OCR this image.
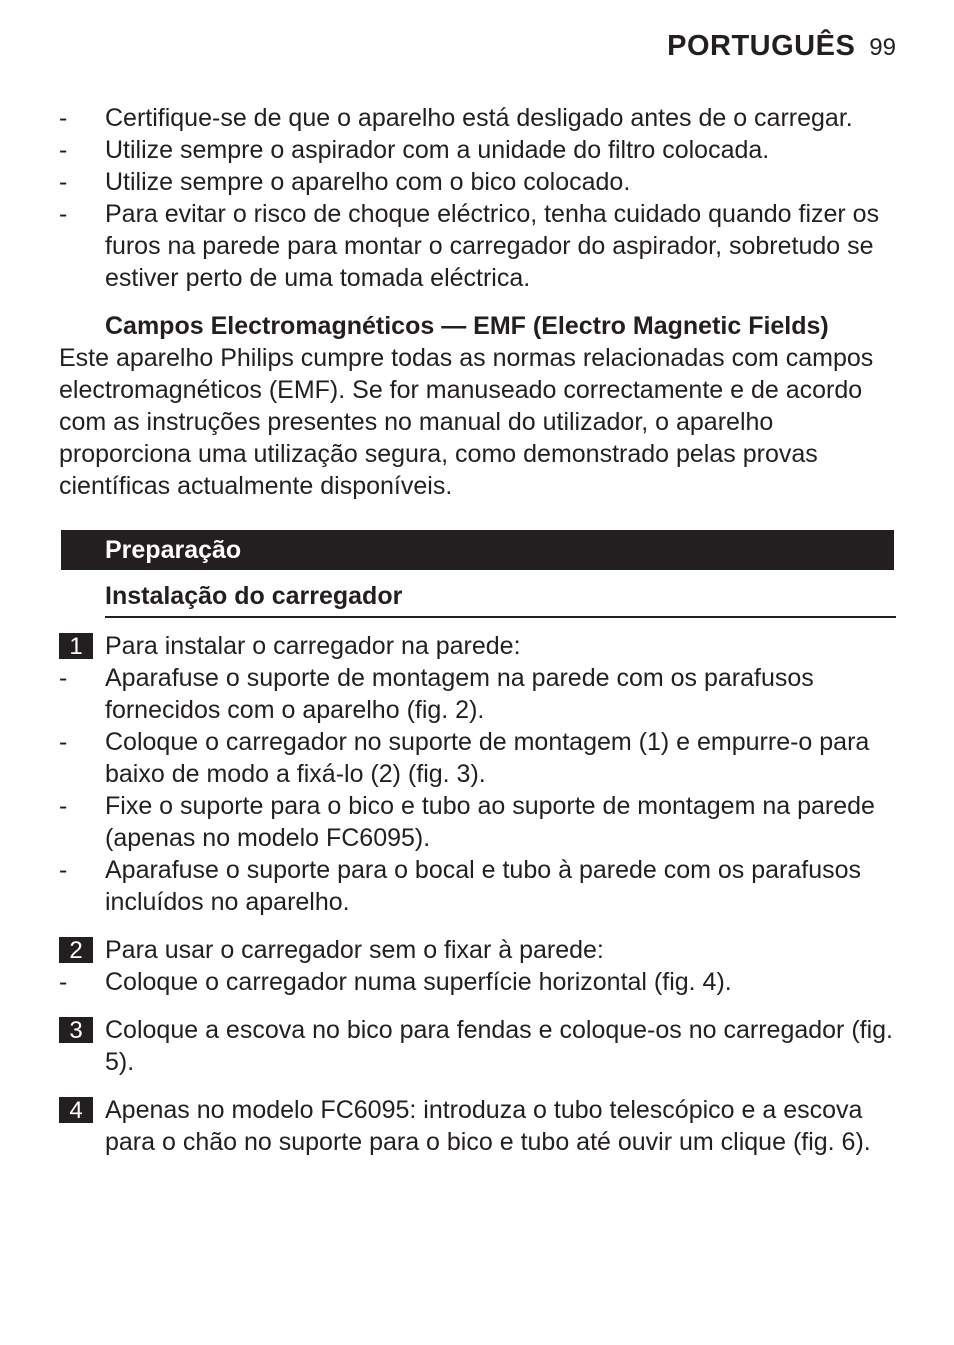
PORTUGUÊS 99
-	Certifique-se de que o aparelho está desligado antes de o carregar.
-	Utilize sempre o aspirador com a unidade do filtro colocada.
-	Utilize sempre o aparelho com o bico colocado.
-	Para evitar o risco de choque eléctrico, tenha cuidado quando fizer os furos na parede para montar o carregador do aspirador, sobretudo se estiver perto de uma tomada eléctrica.
Campos Electromagnéticos — EMF (Electro Magnetic Fields)

Este aparelho Philips cumpre todas as normas relacionadas com campos electromagnéticos (EMF). Se for manuseado correctamente e de acordo com as instruções presentes no manual do utilizador, o aparelho proporciona uma utilização segura, como demonstrado pelas provas científicas actualmente disponíveis.

Preparação
Instalação do carregador
1 Para instalar o carregador na parede:
-	Aparafuse o suporte de montagem na parede com os parafusos fornecidos com o aparelho (fig. 2).
-	Coloque o carregador no suporte de montagem (1) e empurre-o para baixo de modo a fixá-lo (2) (fig. 3).
-	Fixe o suporte para o bico e tubo ao suporte de montagem na parede (apenas no modelo FC6095).
-	Aparafuse o suporte para o bocal e tubo à parede com os parafusos incluídos no aparelho.
2 Para usar o carregador sem o fixar à parede:
-	Coloque o carregador numa superfície horizontal (fig. 4).
3 Coloque a escova no bico para fendas e coloque-os no carregador (fig. 5).
4 Apenas no modelo FC6095: introduza o tubo telescópico e a escova para o chão no suporte para o bico e tubo até ouvir um clique (fig. 6).
